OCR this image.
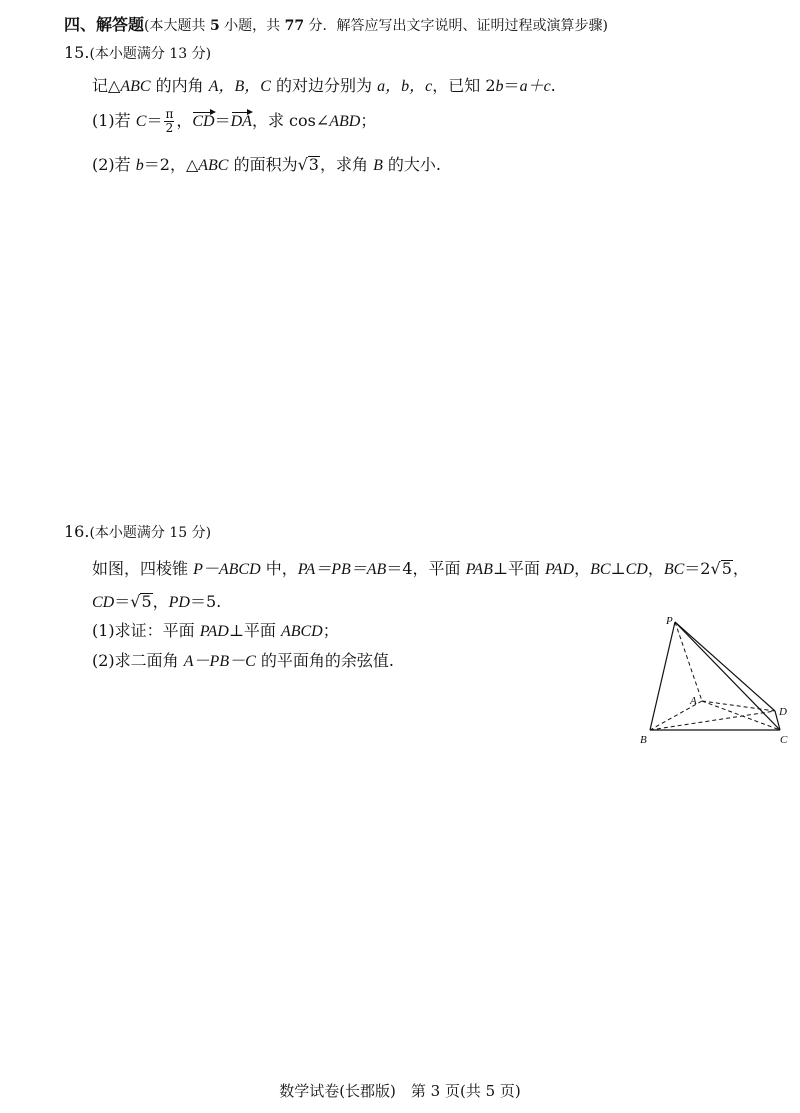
四、解答题(本大题共 5 小题，共 77 分．解答应写出文字说明、证明过程或演算步骤)
15.(本小题满分 13 分)
记△ABC 的内角 A，B，C 的对边分别为 a，b，c，已知 2b＝a＋c.
(1)若 $C= \frac{\pi}{2}$ ，CD＝DA，求 cos∠ABD；
(2)若 b＝2，△ABC 的面积为√3，求角 B 的大小.
16.(本小题满分 15 分)
如图，四棱锥 P－ABCD 中，PA＝PB＝AB＝4，平面 PAB⊥平面 PAD，BC⊥CD，BC＝2√5，
CD＝√5，PD＝5.
(1)求证：平面 PAD⊥平面 ABCD；
(2)求二面角 A－PB－C 的平面角的余弦值.
P
A
B	C
D
数学试卷(长郡版)　第 3 页(共 5 页)
